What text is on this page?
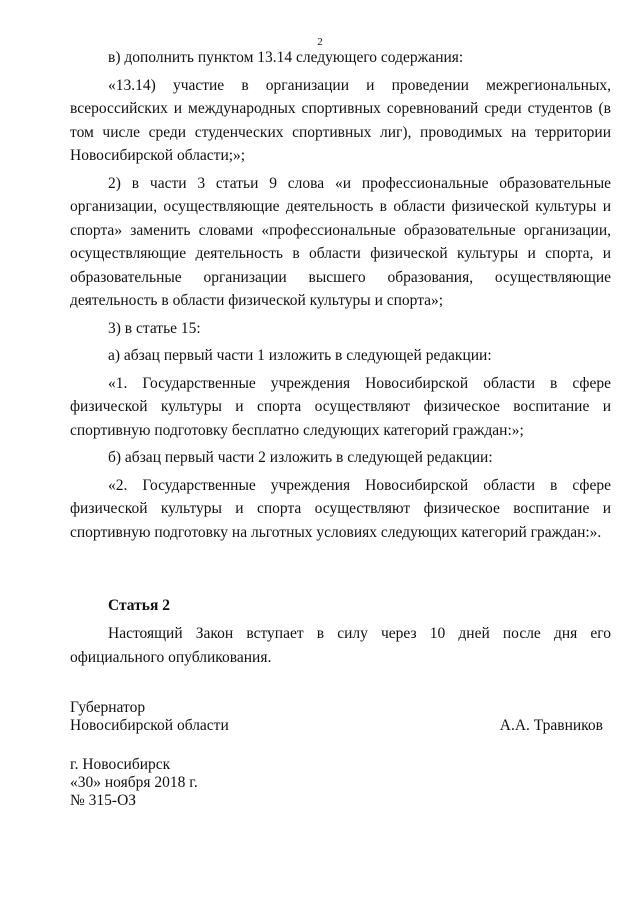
2

в) дополнить пунктом 13.14 следующего содержания:

«13.14) участие в организации и проведении межрегиональных, всероссийских и международных спортивных соревнований среди студентов (в том числе среди студенческих спортивных лиг), проводимых на территории Новосибирской области;»;

2) в части 3 статьи 9 слова «и профессиональные образовательные организации, осуществляющие деятельность в области физической культуры и спорта» заменить словами «профессиональные образовательные организации, осуществляющие деятельность в области физической культуры и спорта, и образовательные организации высшего образования, осуществляющие деятельность в области физической культуры и спорта»;

3) в статье 15:

а) абзац первый части 1 изложить в следующей редакции:

«1. Государственные учреждения Новосибирской области в сфере физической культуры и спорта осуществляют физическое воспитание и спортивную подготовку бесплатно следующих категорий граждан:»;

б) абзац первый части 2 изложить в следующей редакции:

«2. Государственные учреждения Новосибирской области в сфере физической культуры и спорта осуществляют физическое воспитание и спортивную подготовку на льготных условиях следующих категорий граждан:».

Статья 2

Настоящий Закон вступает в силу через 10 дней после дня его официального опубликования.

Губернатор
Новосибирской области	А.А. Травников
г. Новосибирск
«30» ноября 2018 г.
№ 315-ОЗ
